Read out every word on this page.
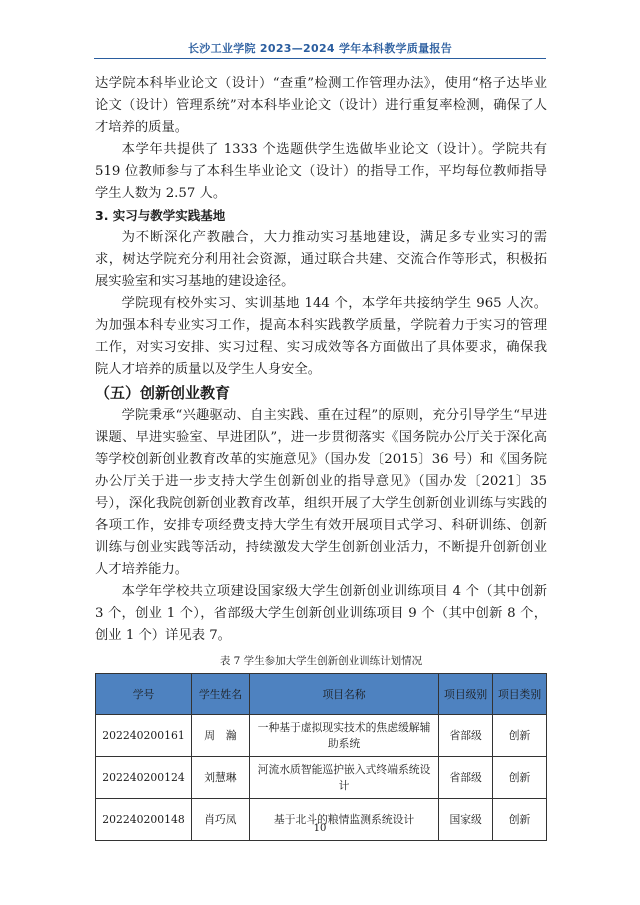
长沙工业学院 2023—2024 学年本科教学质量报告

达学院本科毕业论文（设计）“查重”检测工作管理办法》，使用“格子达毕业论文（设计）管理系统”对本科毕业论文（设计）进行重复率检测，确保了人才培养的质量。

本学年共提供了 1333 个选题供学生选做毕业论文（设计）。学院共有 519 位教师参与了本科生毕业论文（设计）的指导工作，平均每位教师指导学生人数为 2.57 人。

3. 实习与教学实践基地

为不断深化产教融合，大力推动实习基地建设，满足多专业实习的需求，树达学院充分利用社会资源，通过联合共建、交流合作等形式，积极拓展实验室和实习基地的建设途径。

学院现有校外实习、实训基地 144 个，本学年共接纳学生 965 人次。为加强本科专业实习工作，提高本科实践教学质量，学院着力于实习的管理工作，对实习安排、实习过程、实习成效等各方面做出了具体要求，确保我院人才培养的质量以及学生人身安全。

（五）创新创业教育

学院秉承“兴趣驱动、自主实践、重在过程”的原则，充分引导学生“早进课题、早进实验室、早进团队”，进一步贯彻落实《国务院办公厅关于深化高等学校创新创业教育改革的实施意见》（国办发〔2015〕36 号）和《国务院办公厅关于进一步支持大学生创新创业的指导意见》（国办发〔2021〕35 号），深化我院创新创业教育改革，组织开展了大学生创新创业训练与实践的各项工作，安排专项经费支持大学生有效开展项目式学习、科研训练、创新训练与创业实践等活动，持续激发大学生创新创业活力，不断提升创新创业人才培养能力。

本学年学校共立项建设国家级大学生创新创业训练项目 4 个（其中创新 3 个，创业 1 个），省部级大学生创新创业训练项目 9 个（其中创新 8 个，创业 1 个）详见表 7。

表 7 学生参加大学生创新创业训练计划情况
学号	学生姓名	项目名称	项目级别	项目类别
202240200161	周　瀚	一种基于虚拟现实技术的焦虑缓解辅助系统	省部级	创新
202240200124	刘慧琳	河流水质智能巡护嵌入式终端系统设计	省部级	创新
202240200148	肖巧凤	基于北斗的粮情监测系统设计	国家级	创新
10
